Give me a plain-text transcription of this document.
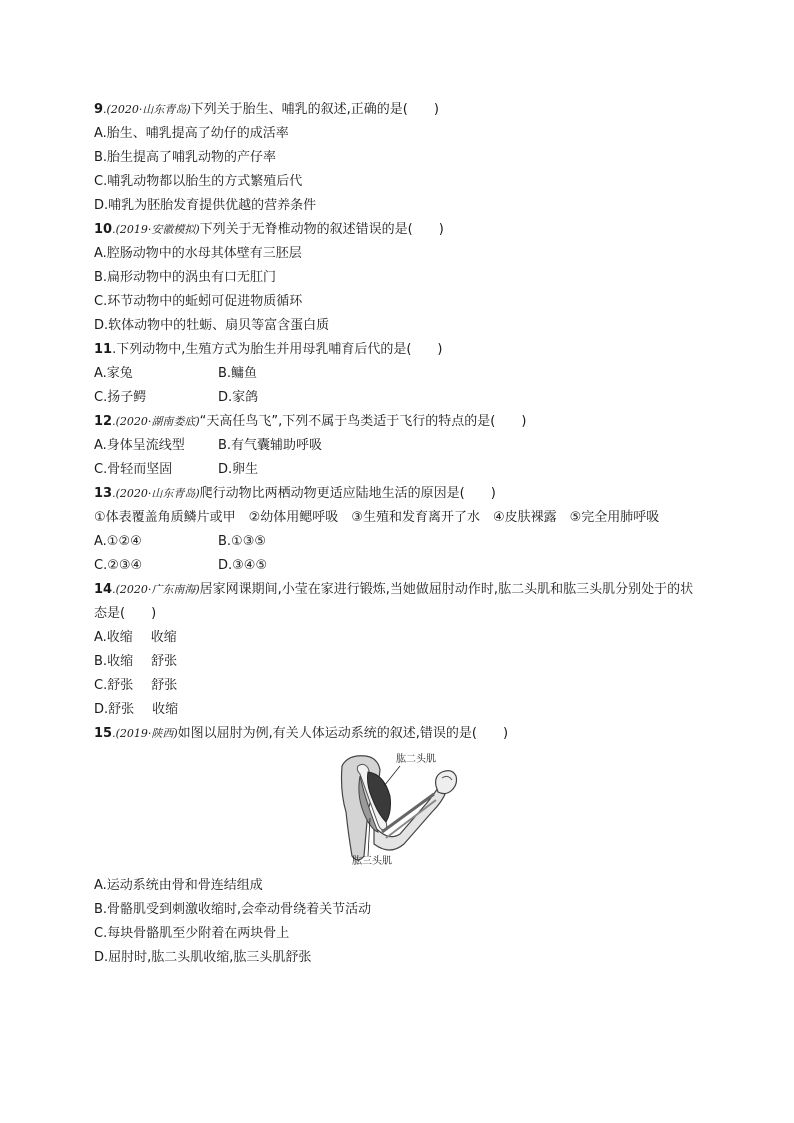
9.(2020·山东青岛)下列关于胎生、哺乳的叙述,正确的是(　　)
A.胎生、哺乳提高了幼仔的成活率
B.胎生提高了哺乳动物的产仔率
C.哺乳动物都以胎生的方式繁殖后代
D.哺乳为胚胎发育提供优越的营养条件
10.(2019·安徽模拟)下列关于无脊椎动物的叙述错误的是(　　)
A.腔肠动物中的水母其体壁有三胚层
B.扁形动物中的涡虫有口无肛门
C.环节动物中的蚯蚓可促进物质循环
D.软体动物中的牡蛎、扇贝等富含蛋白质
11.下列动物中,生殖方式为胎生并用母乳哺育后代的是(　　)
A.家兔	B.鳙鱼
C.扬子鳄	D.家鸽
12.(2020·湖南娄底)“天高任鸟飞”,下列不属于鸟类适于飞行的特点的是(　　)
A.身体呈流线型	B.有气囊辅助呼吸
C.骨轻而坚固	D.卵生
13.(2020·山东青岛)爬行动物比两栖动物更适应陆地生活的原因是(　　)
①体表覆盖角质鳞片或甲　②幼体用鳃呼吸　③生殖和发育离开了水　④皮肤裸露　⑤完全用肺呼吸
A.①②④	B.①③⑤
C.②③④	D.③④⑤
14.(2020·广东南海)居家网课期间,小莹在家进行锻炼,当她做屈肘动作时,肱二头肌和肱三头肌分别处于的状态是(　　)
A.收缩 收缩
B.收缩 舒张
C.舒张 舒张
D.舒张 收缩
15.(2019·陕西)如图以屈肘为例,有关人体运动系统的叙述,错误的是(　　)
肱二头肌
肱三头肌
A.运动系统由骨和骨连结组成
B.骨骼肌受到刺激收缩时,会牵动骨绕着关节活动
C.每块骨骼肌至少附着在两块骨上
D.屈肘时,肱二头肌收缩,肱三头肌舒张
